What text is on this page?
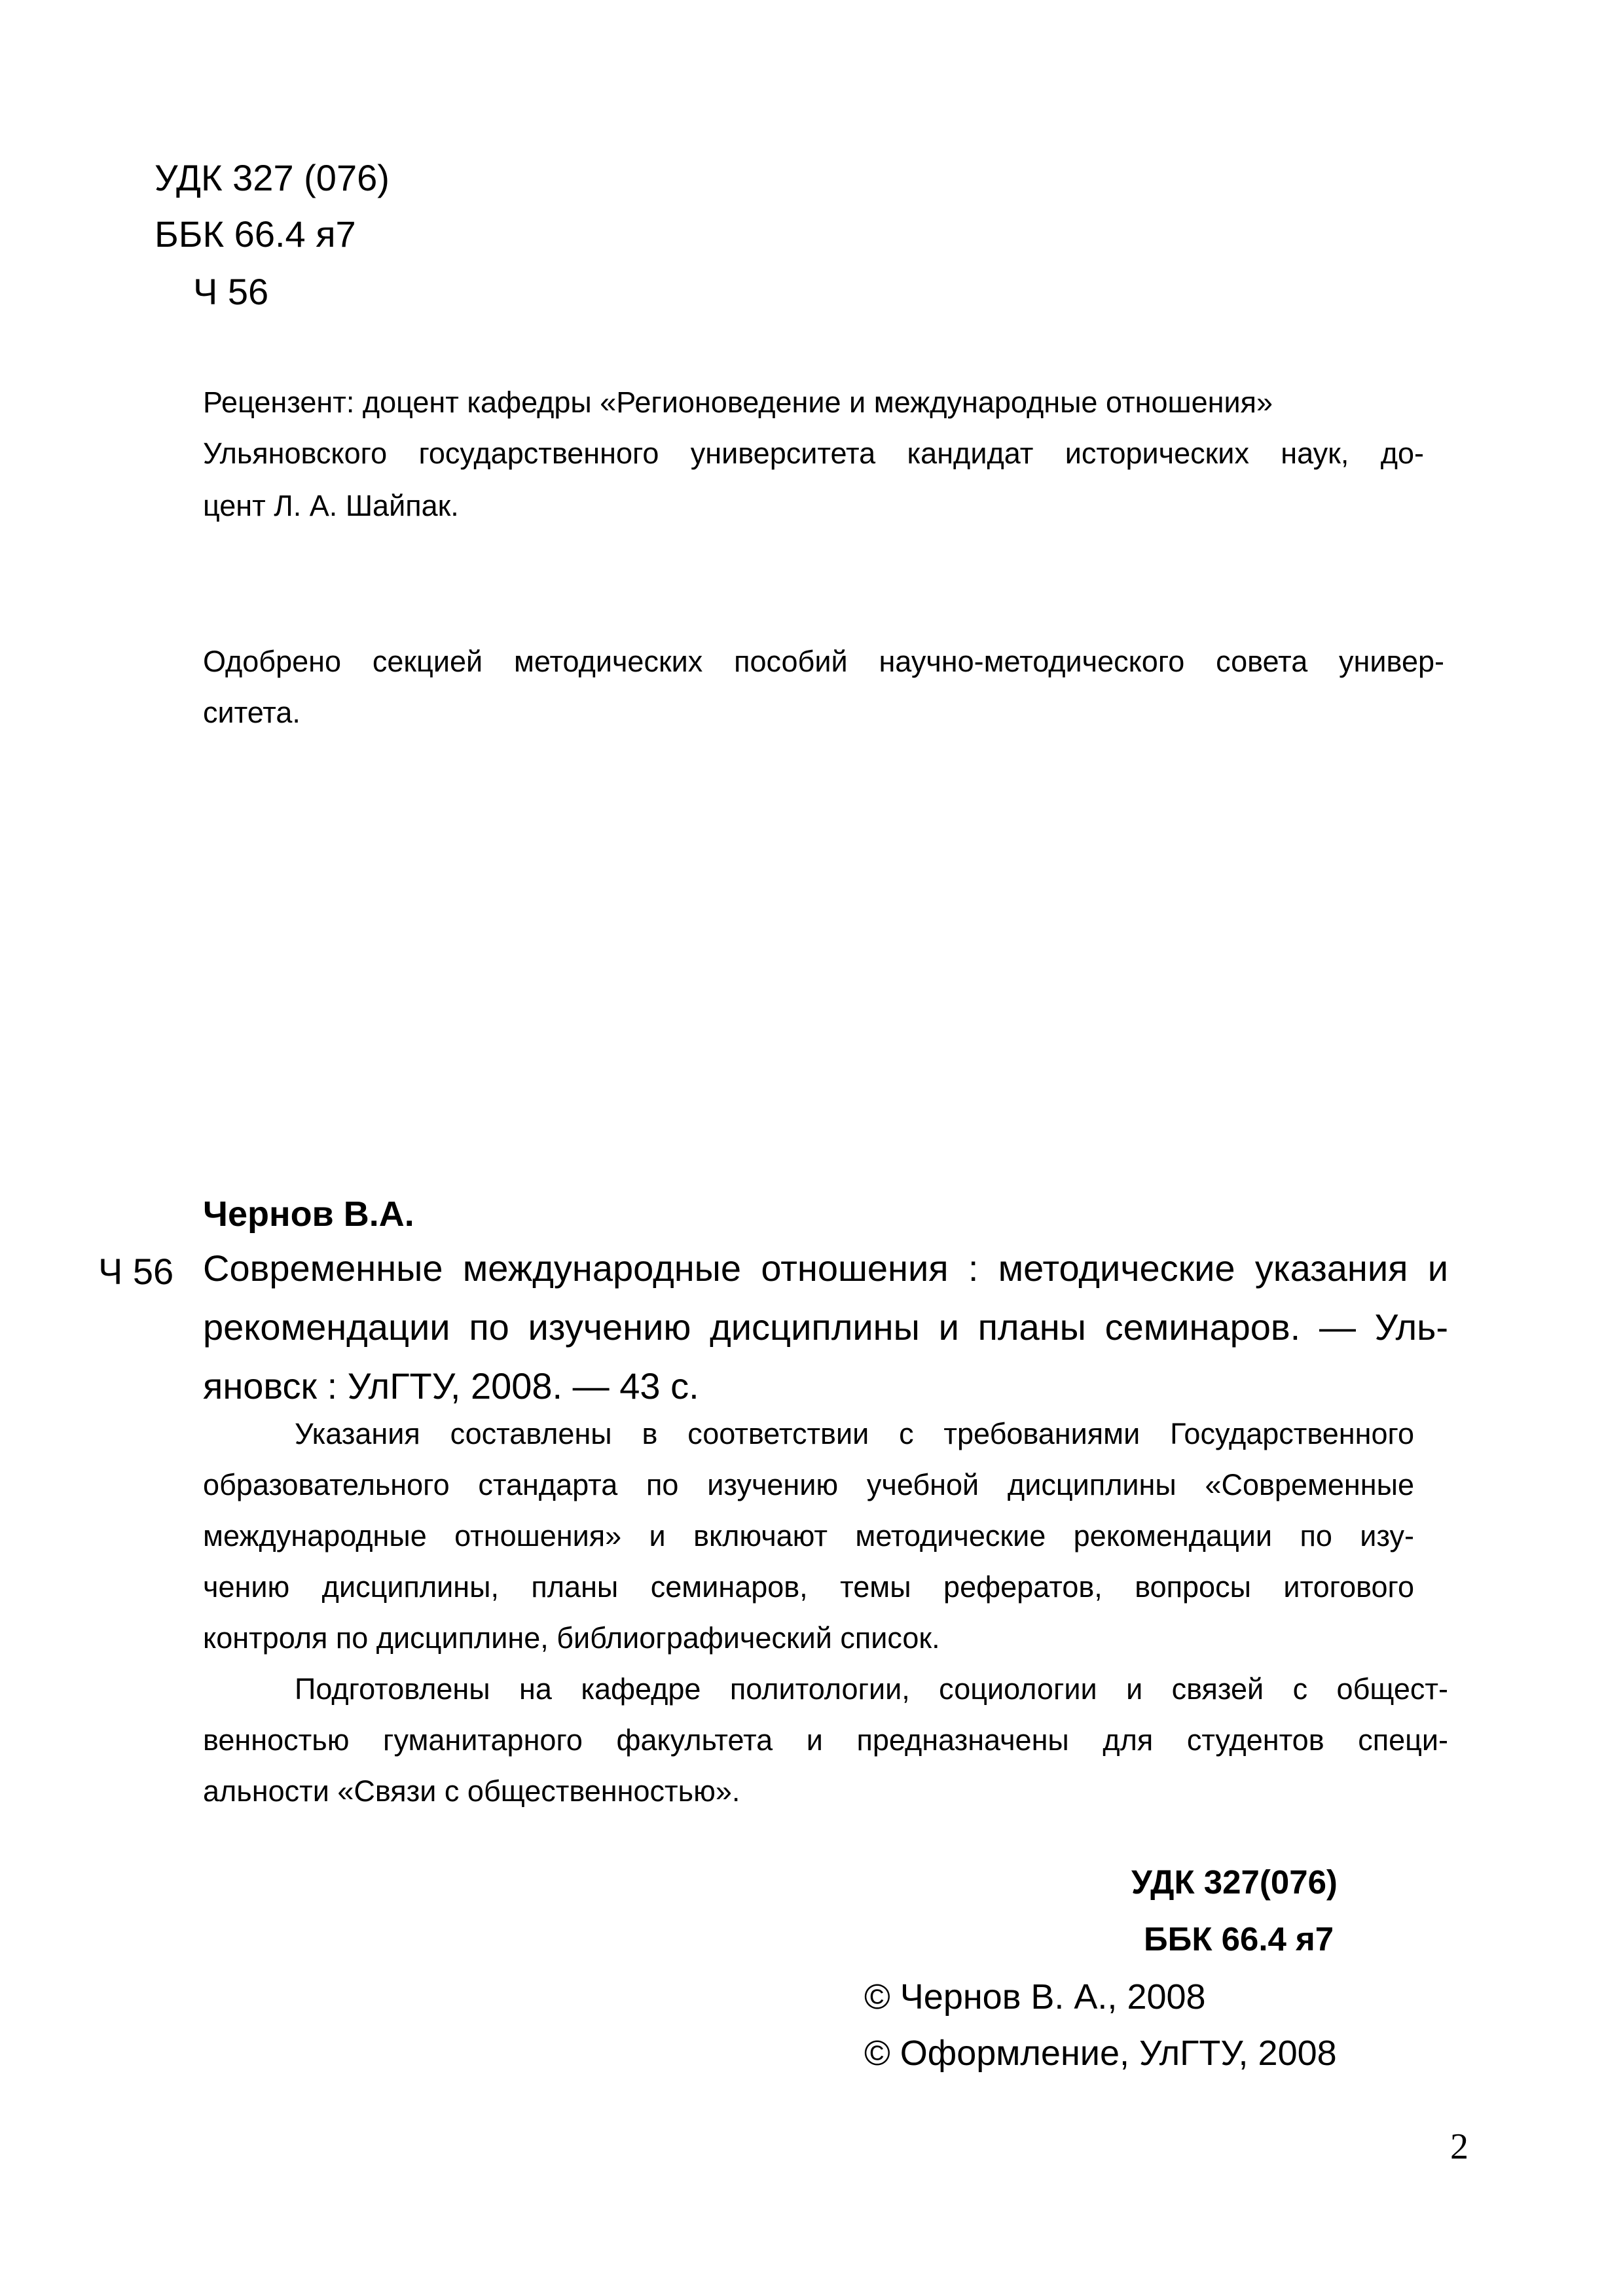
УДК 327 (076)
ББК 66.4 я7
Ч 56
Рецензент: доцент кафедры «Регионоведение и международные отношения»
Ульяновского государственного университета кандидат исторических наук, до-
цент Л. А. Шайпак.
Одобрено секцией методических пособий научно-методического совета универ-
ситета.
Чернов В.А.
Ч 56 Современные международные отношения : методические указания и
рекомендации по изучению дисциплины и планы семинаров. — Уль-
яновск : УлГТУ, 2008. — 43 с.
Указания составлены в соответствии с требованиями Государственного
образовательного стандарта по изучению учебной дисциплины «Современные
международные отношения» и включают методические рекомендации по изу-
чению дисциплины, планы семинаров, темы рефератов, вопросы итогового
контроля по дисциплине, библиографический список.
Подготовлены на кафедре политологии, социологии и связей с общест-
венностью гуманитарного факультета и предназначены для студентов специ-
альности «Связи с общественностью».
УДК 327(076)
ББК 66.4 я7
© Чернов В. А., 2008
© Оформление, УлГТУ, 2008
2
